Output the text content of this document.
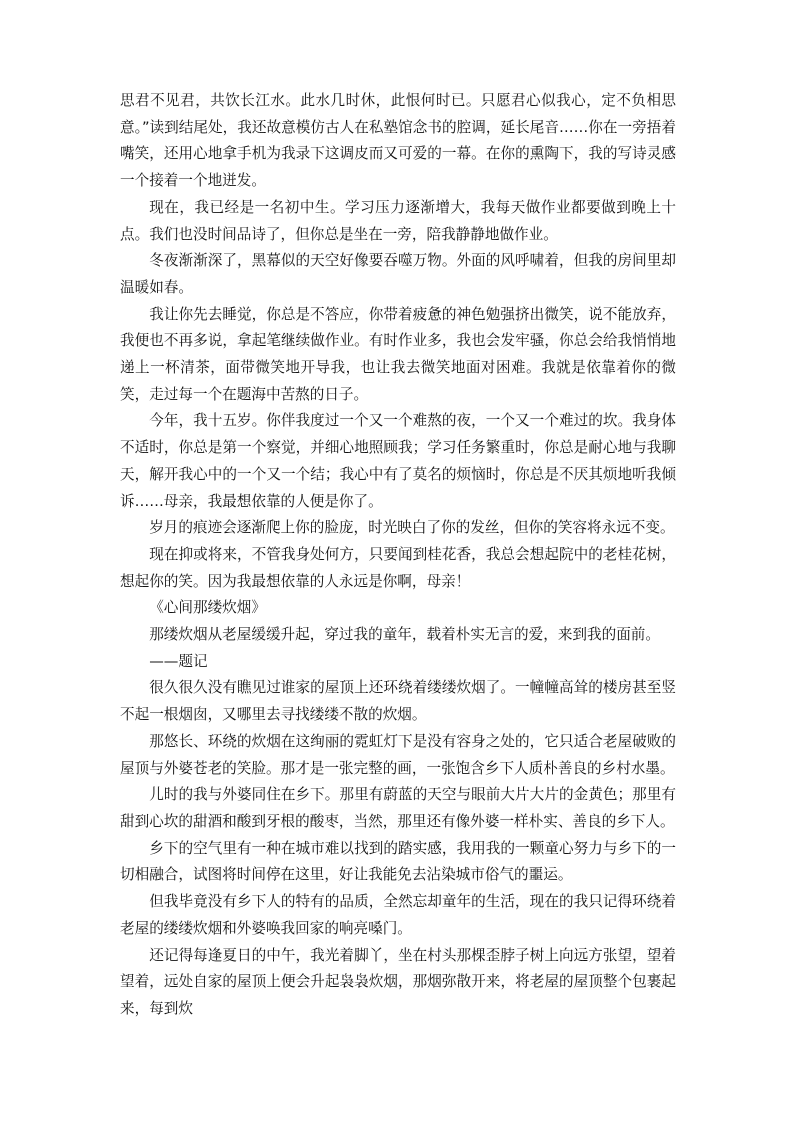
思君不见君，共饮长江水。此水几时休，此恨何时已。只愿君心似我心，定不负相思意。”读到结尾处，我还故意模仿古人在私塾馆念书的腔调，延长尾音……你在一旁捂着嘴笑，还用心地拿手机为我录下这调皮而又可爱的一幕。在你的熏陶下，我的写诗灵感一个接着一个地迸发。

现在，我已经是一名初中生。学习压力逐渐增大，我每天做作业都要做到晚上十点。我们也没时间品诗了，但你总是坐在一旁，陪我静静地做作业。

冬夜渐渐深了，黑幕似的天空好像要吞噬万物。外面的风呼啸着，但我的房间里却温暖如春。

我让你先去睡觉，你总是不答应，你带着疲惫的神色勉强挤出微笑，说不能放弃，我便也不再多说，拿起笔继续做作业。有时作业多，我也会发牢骚，你总会给我悄悄地递上一杯清茶，面带微笑地开导我，也让我去微笑地面对困难。我就是依靠着你的微笑，走过每一个在题海中苦熬的日子。

今年，我十五岁。你伴我度过一个又一个难熬的夜，一个又一个难过的坎。我身体不适时，你总是第一个察觉，并细心地照顾我；学习任务繁重时，你总是耐心地与我聊天，解开我心中的一个又一个结；我心中有了莫名的烦恼时，你总是不厌其烦地听我倾诉……母亲，我最想依靠的人便是你了。

岁月的痕迹会逐渐爬上你的脸庞，时光映白了你的发丝，但你的笑容将永远不变。

现在抑或将来，不管我身处何方，只要闻到桂花香，我总会想起院中的老桂花树，想起你的笑。因为我最想依靠的人永远是你啊，母亲！

《心间那缕炊烟》

那缕炊烟从老屋缓缓升起，穿过我的童年，载着朴实无言的爱，来到我的面前。

——题记

很久很久没有瞧见过谁家的屋顶上还环绕着缕缕炊烟了。一幢幢高耸的楼房甚至竖不起一根烟囱，又哪里去寻找缕缕不散的炊烟。

那悠长、环绕的炊烟在这绚丽的霓虹灯下是没有容身之处的，它只适合老屋破败的屋顶与外婆苍老的笑脸。那才是一张完整的画，一张饱含乡下人质朴善良的乡村水墨。

儿时的我与外婆同住在乡下。那里有蔚蓝的天空与眼前大片大片的金黄色；那里有甜到心坎的甜酒和酸到牙根的酸枣，当然，那里还有像外婆一样朴实、善良的乡下人。

乡下的空气里有一种在城市难以找到的踏实感，我用我的一颗童心努力与乡下的一切相融合，试图将时间停在这里，好让我能免去沾染城市俗气的噩运。

但我毕竟没有乡下人的特有的品质，全然忘却童年的生活，现在的我只记得环绕着老屋的缕缕炊烟和外婆唤我回家的响亮嗓门。

还记得每逢夏日的中午，我光着脚丫，坐在村头那棵歪脖子树上向远方张望，望着望着，远处自家的屋顶上便会升起袅袅炊烟，那烟弥散开来，将老屋的屋顶整个包裹起来，每到炊
